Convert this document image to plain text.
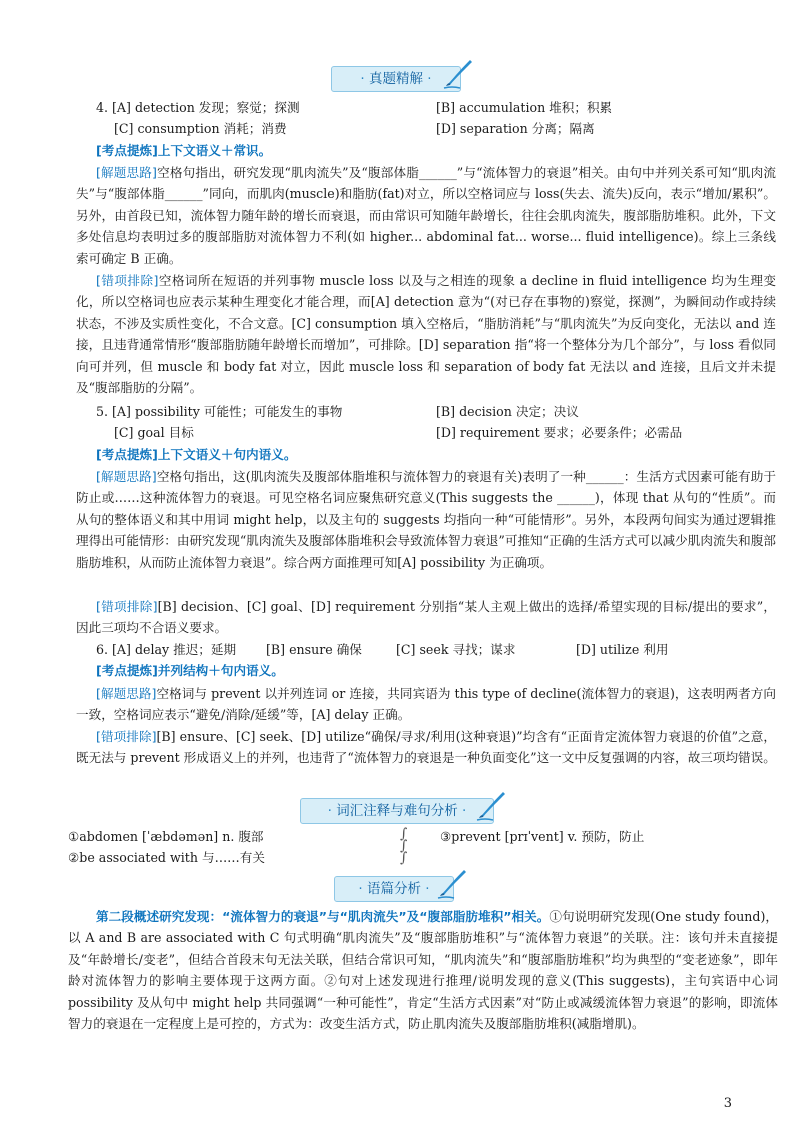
· 真题精解 ·
4. [A] detection 发现；察觉；探测	[B] accumulation 堆积；积累
[C] consumption 消耗；消费	[D] separation 分离；隔离

[考点提炼]上下文语义＋常识。

[解题思路]空格句指出，研究发现“肌肉流失”及“腹部体脂______”与“流体智力的衰退”相关。由句中并列关系可知“肌肉流失”与“腹部体脂______”同向，而肌肉(muscle)和脂肪(fat)对立，所以空格词应与 loss(失去、流失)反向，表示“增加/累积”。另外，由首段已知，流体智力随年龄的增长而衰退，而由常识可知随年龄增长，往往会肌肉流失，腹部脂肪堆积。此外，下文多处信息均表明过多的腹部脂肪对流体智力不利(如 higher... abdominal fat... worse... fluid intelligence)。综上三条线索可确定 B 正确。

[错项排除]空格词所在短语的并列事物 muscle loss 以及与之相连的现象 a decline in fluid intelligence 均为生理变化，所以空格词也应表示某种生理变化才能合理，而[A] detection 意为“(对已存在事物的)察觉，探测”，为瞬间动作或持续状态，不涉及实质性变化，不合文意。[C] consumption 填入空格后，“脂肪消耗”与“肌肉流失”为反向变化，无法以 and 连接，且违背通常情形“腹部脂肪随年龄增长而增加”，可排除。[D] separation 指“将一个整体分为几个部分”，与 loss 看似同向可并列，但 muscle 和 body fat 对立，因此 muscle loss 和 separation of body fat 无法以 and 连接，且后文并未提及“腹部脂肪的分隔”。

5. [A] possibility 可能性；可能发生的事物	[B] decision 决定；决议
[C] goal 目标	[D] requirement 要求；必要条件；必需品

[考点提炼]上下文语义＋句内语义。

[解题思路]空格句指出，这(肌肉流失及腹部体脂堆积与流体智力的衰退有关)表明了一种______：生活方式因素可能有助于防止或……这种流体智力的衰退。可见空格名词应聚焦研究意义(This suggests the ______)，体现 that 从句的“性质”。而从句的整体语义和其中用词 might help，以及主句的 suggests 均指向一种“可能情形”。另外，本段两句间实为通过逻辑推理得出可能情形：由研究发现“肌肉流失及腹部体脂堆积会导致流体智力衰退”可推知“正确的生活方式可以减少肌肉流失和腹部脂肪堆积，从而防止流体智力衰退”。综合两方面推理可知[A] possibility 为正确项。

[错项排除][B] decision、[C] goal、[D] requirement 分别指“某人主观上做出的选择/希望实现的目标/提出的要求”，因此三项均不合语义要求。

6. [A] delay 推迟；延期 [B] ensure 确保	[C] seek 寻找；谋求	[D] utilize 利用

[考点提炼]并列结构＋句内语义。

[解题思路]空格词与 prevent 以并列连词 or 连接，共同宾语为 this type of decline(流体智力的衰退)，这表明两者方向一致，空格词应表示“避免/消除/延缓”等，[A] delay 正确。

[错项排除][B] ensure、[C] seek、[D] utilize“确保/寻求/利用(这种衰退)”均含有“正面肯定流体智力衰退的价值”之意，既无法与 prevent 形成语义上的并列，也违背了“流体智力的衰退是一种负面变化”这一文中反复强调的内容，故三项均错误。

· 词汇注释与难句分析 ·
①abdomen [ˈæbdəmən] n. 腹部
②be associated with 与……有关
③prevent [prɪˈvent] v. 预防，防止
∫
∫
∫
· 语篇分析 ·

第二段概述研究发现：“流体智力的衰退”与“肌肉流失”及“腹部脂肪堆积”相关。①句说明研究发现(One study found)，以 A and B are associated with C 句式明确“肌肉流失”及“腹部脂肪堆积”与“流体智力衰退”的关联。注：该句并未直接提及“年龄增长/变老”，但结合首段末句无法关联，但结合常识可知，“肌肉流失”和“腹部脂肪堆积”均为典型的“变老迹象”，即年龄对流体智力的影响主要体现于这两方面。②句对上述发现进行推理/说明发现的意义(This suggests)，主句宾语中心词 possibility 及从句中 might help 共同强调“一种可能性”，肯定“生活方式因素”对“防止或减缓流体智力衰退”的影响，即流体智力的衰退在一定程度上是可控的，方式为：改变生活方式，防止肌肉流失及腹部脂肪堆积(减脂增肌)。

3
